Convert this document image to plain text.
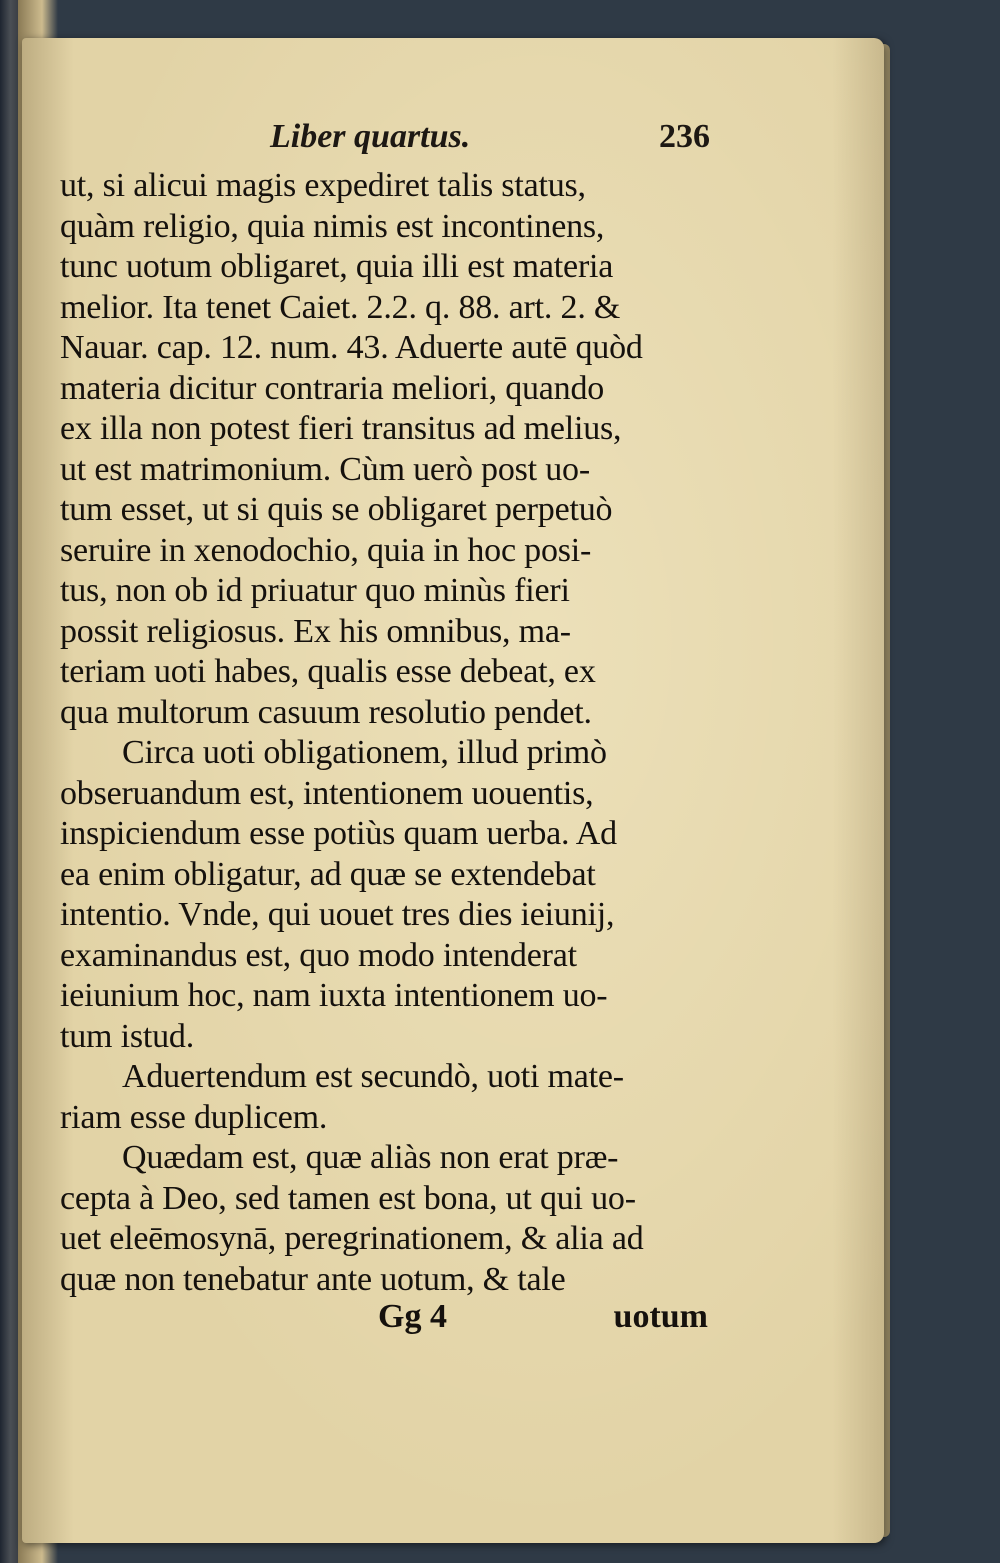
Liber quartus.	236
ut, si alicui magis expediret talis status,
quàm religio, quia nimis est incontinens,
tunc uotum obligaret, quia illi est materia
melior. Ita tenet Caiet. 2.2. q. 88. art. 2. &
Nauar. cap. 12. num. 43. Aduerte autē quòd
materia dicitur contraria meliori, quando
ex illa non potest fieri transitus ad melius,
ut est matrimonium. Cùm uerò post uo-
tum esset, ut si quis se obligaret perpetuò
seruire in xenodochio, quia in hoc posi-
tus, non ob id priuatur quo minùs fieri
possit religiosus. Ex his omnibus, ma-
teriam uoti habes, qualis esse debeat, ex
qua multorum casuum resolutio pendet.
Circa uoti obligationem, illud primò
obseruandum est, intentionem uouentis,
inspiciendum esse potiùs quam uerba. Ad
ea enim obligatur, ad quæ se extendebat
intentio. Vnde, qui uouet tres dies ieiunij,
examinandus est, quo modo intenderat
ieiunium hoc, nam iuxta intentionem uo-
tum istud.
Aduertendum est secundò, uoti mate-
riam esse duplicem.
Quædam est, quæ aliàs non erat præ-
cepta à Deo, sed tamen est bona, ut qui uo-
uet eleēmosynā, peregrinationem, & alia ad
quæ non tenebatur ante uotum, & tale
Gg 4	uotum
